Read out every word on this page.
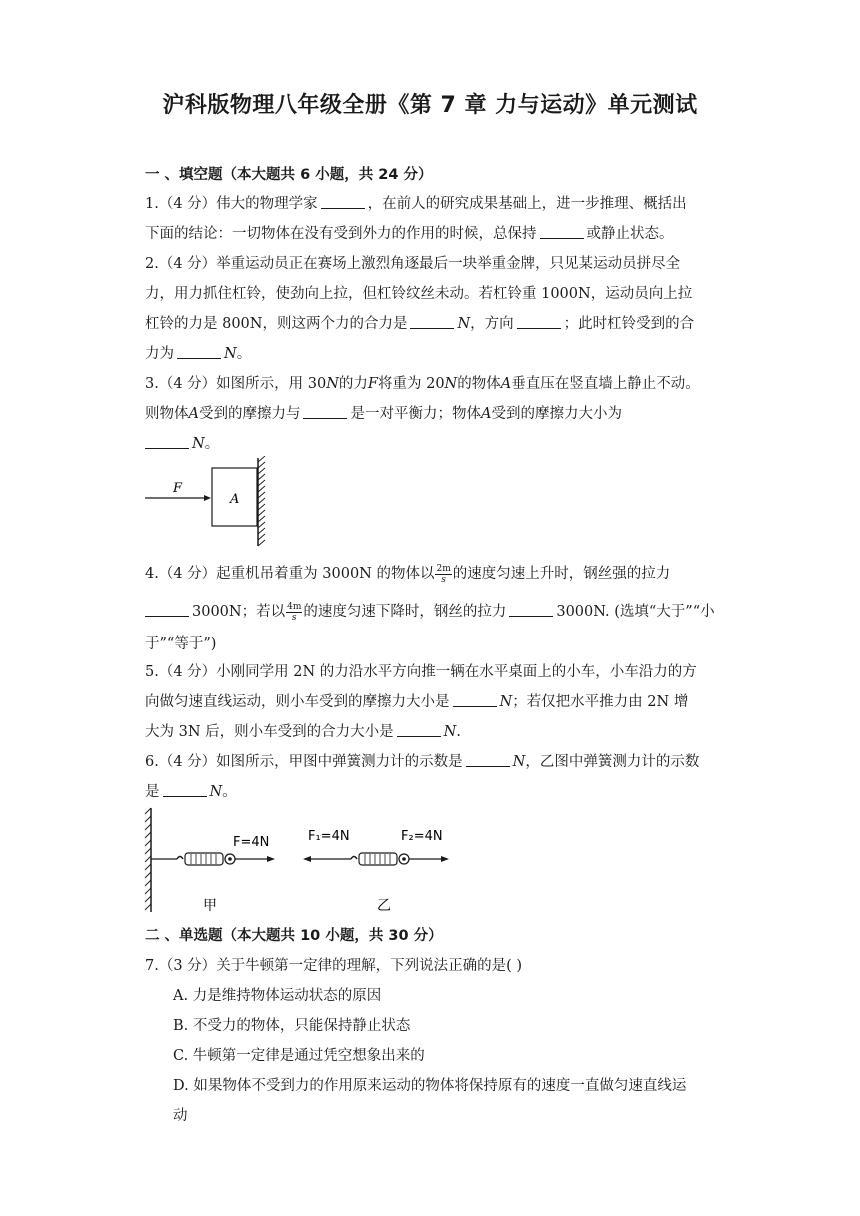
沪科版物理八年级全册《第 7 章 力与运动》单元测试
一 、填空题（本大题共 6 小题，共 24 分）
1.（4 分）伟大的物理学家	，在前人的研究成果基础上，进一步推理、概括出
下面的结论：一切物体在没有受到外力的作用的时候，总保持	或静止状态。
2.（4 分）举重运动员正在赛场上激烈角逐最后一块举重金牌，只见某运动员拼尽全
力，用力抓住杠铃，使劲向上拉，但杠铃纹丝未动。若杠铃重 1000N，运动员向上拉
杠铃的力是 800N，则这两个力的合力是	N，方向	；此时杠铃受到的合
力为	N。
3.（4 分）如图所示，用 30N的力F将重为 20N的物体A垂直压在竖直墙上静止不动。
则物体A受到的摩擦力与	是一对平衡力；物体A受到的摩擦力大小为
N。
F
A
4.（4 分）起重机吊着重为 3000N 的物体以 $\frac{2m}{s}$ 的速度匀速上升时，钢丝强的拉力
3000N；若以 $\frac{4m}{s}$ 的速度匀速下降时，钢丝的拉力	3000N. (选填“大于”“小
于”“等于”)
5.（4 分）小刚同学用 2N 的力沿水平方向推一辆在水平桌面上的小车，小车沿力的方
向做匀速直线运动，则小车受到的摩擦力大小是	N；若仅把水平推力由 2N 增
大为 3N 后，则小车受到的合力大小是	N.
6.（4 分）如图所示，甲图中弹簧测力计的示数是	N，乙图中弹簧测力计的示数
是	N。
F=4N
甲
F₁=4N	F₂=4N
乙
二 、单选题（本大题共 10 小题，共 30 分）
7.（3 分）关于牛顿第一定律的理解，下列说法正确的是( )
A. 力是维持物体运动状态的原因
B. 不受力的物体，只能保持静止状态
C. 牛顿第一定律是通过凭空想象出来的
D. 如果物体不受到力的作用原来运动的物体将保持原有的速度一直做匀速直线运
动
